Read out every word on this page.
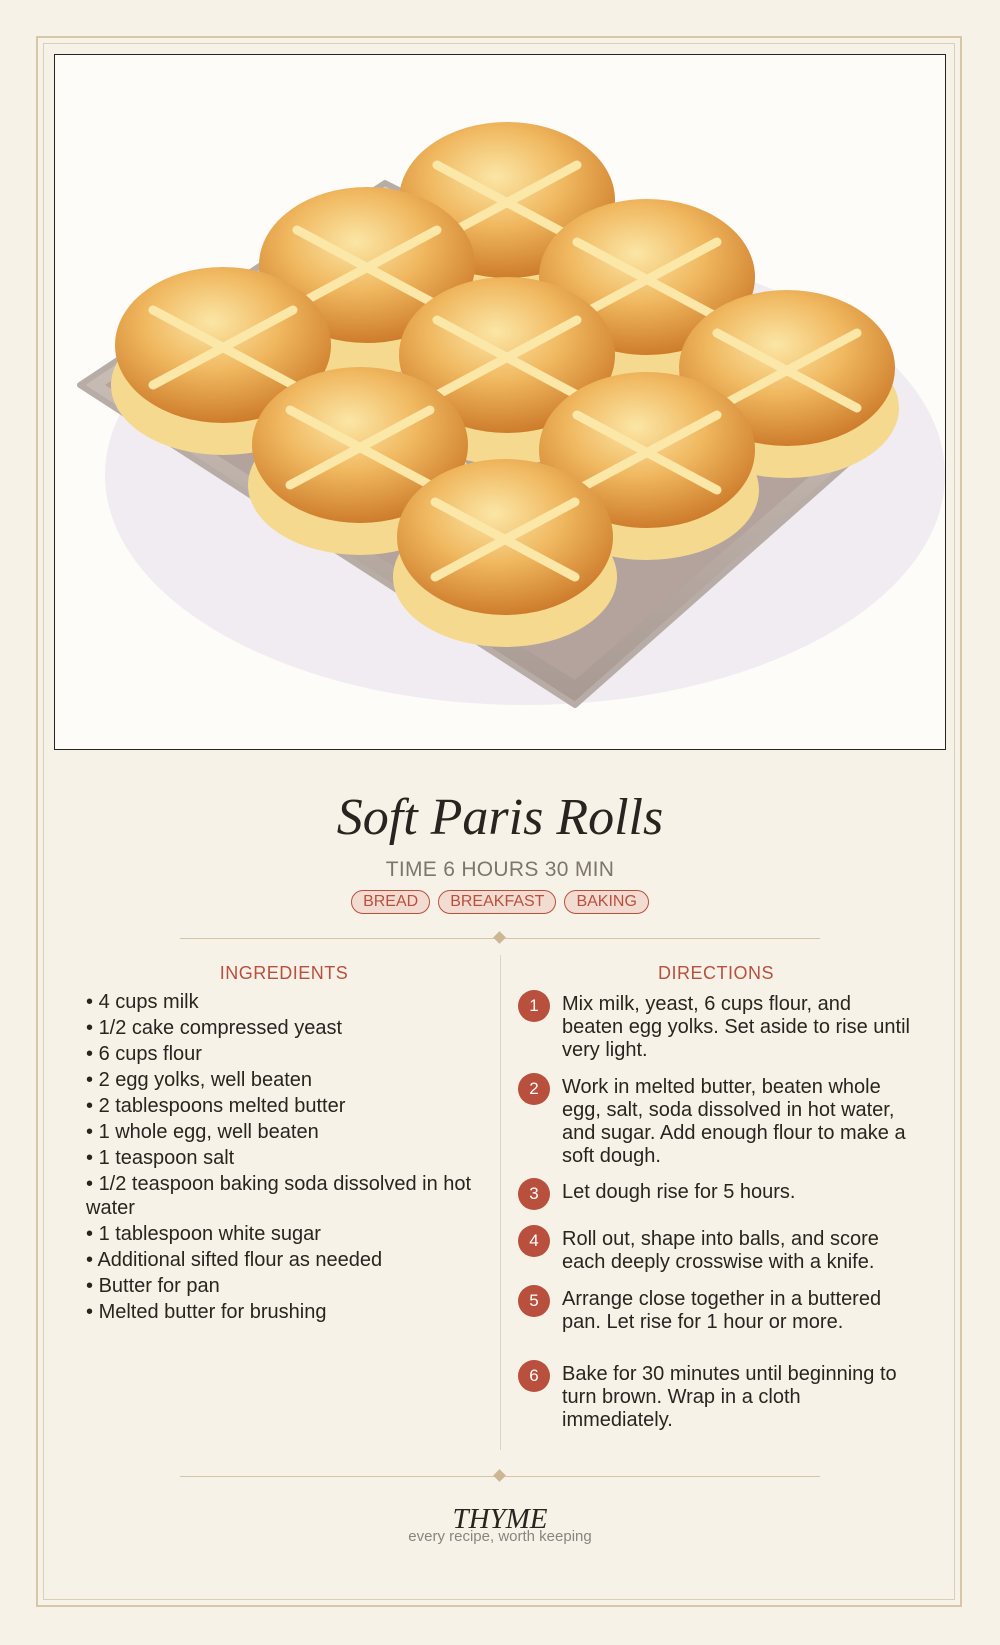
Soft Paris Rolls
TIME 6 HOURS 30 MIN
BREAD	BREAKFAST	BAKING
INGREDIENTS
• 4 cups milk
• 1/2 cake compressed yeast
• 6 cups flour
• 2 egg yolks, well beaten
• 2 tablespoons melted butter
• 1 whole egg, well beaten
• 1 teaspoon salt
• 1/2 teaspoon baking soda dissolved in hot water
• 1 tablespoon white sugar
• Additional sifted flour as needed
• Butter for pan
• Melted butter for brushing
DIRECTIONS
1	Mix milk, yeast, 6 cups flour, and beaten egg yolks. Set aside to rise until very light.
2	Work in melted butter, beaten whole egg, salt, soda dissolved in hot water, and sugar. Add enough flour to make a soft dough.
3	Let dough rise for 5 hours.
4	Roll out, shape into balls, and score each deeply crosswise with a knife.
5	Arrange close together in a buttered pan. Let rise for 1 hour or more.
6	Bake for 30 minutes until beginning to turn brown. Wrap in a cloth immediately.
THYME
every recipe, worth keeping
